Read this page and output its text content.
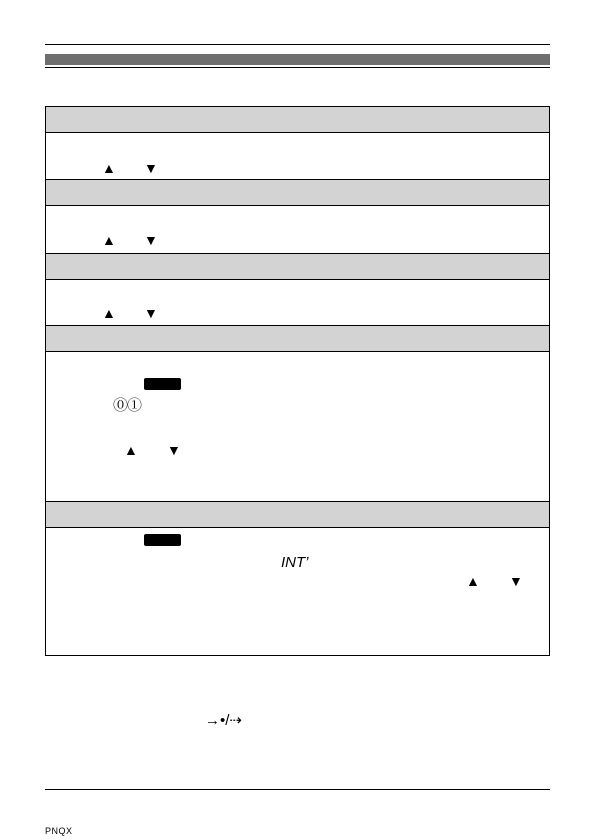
▲ ▼
▲ ▼
▲ ▼
⓪①
▲ ▼
INT’
▲ ▼
→•/⇢
PNQX
